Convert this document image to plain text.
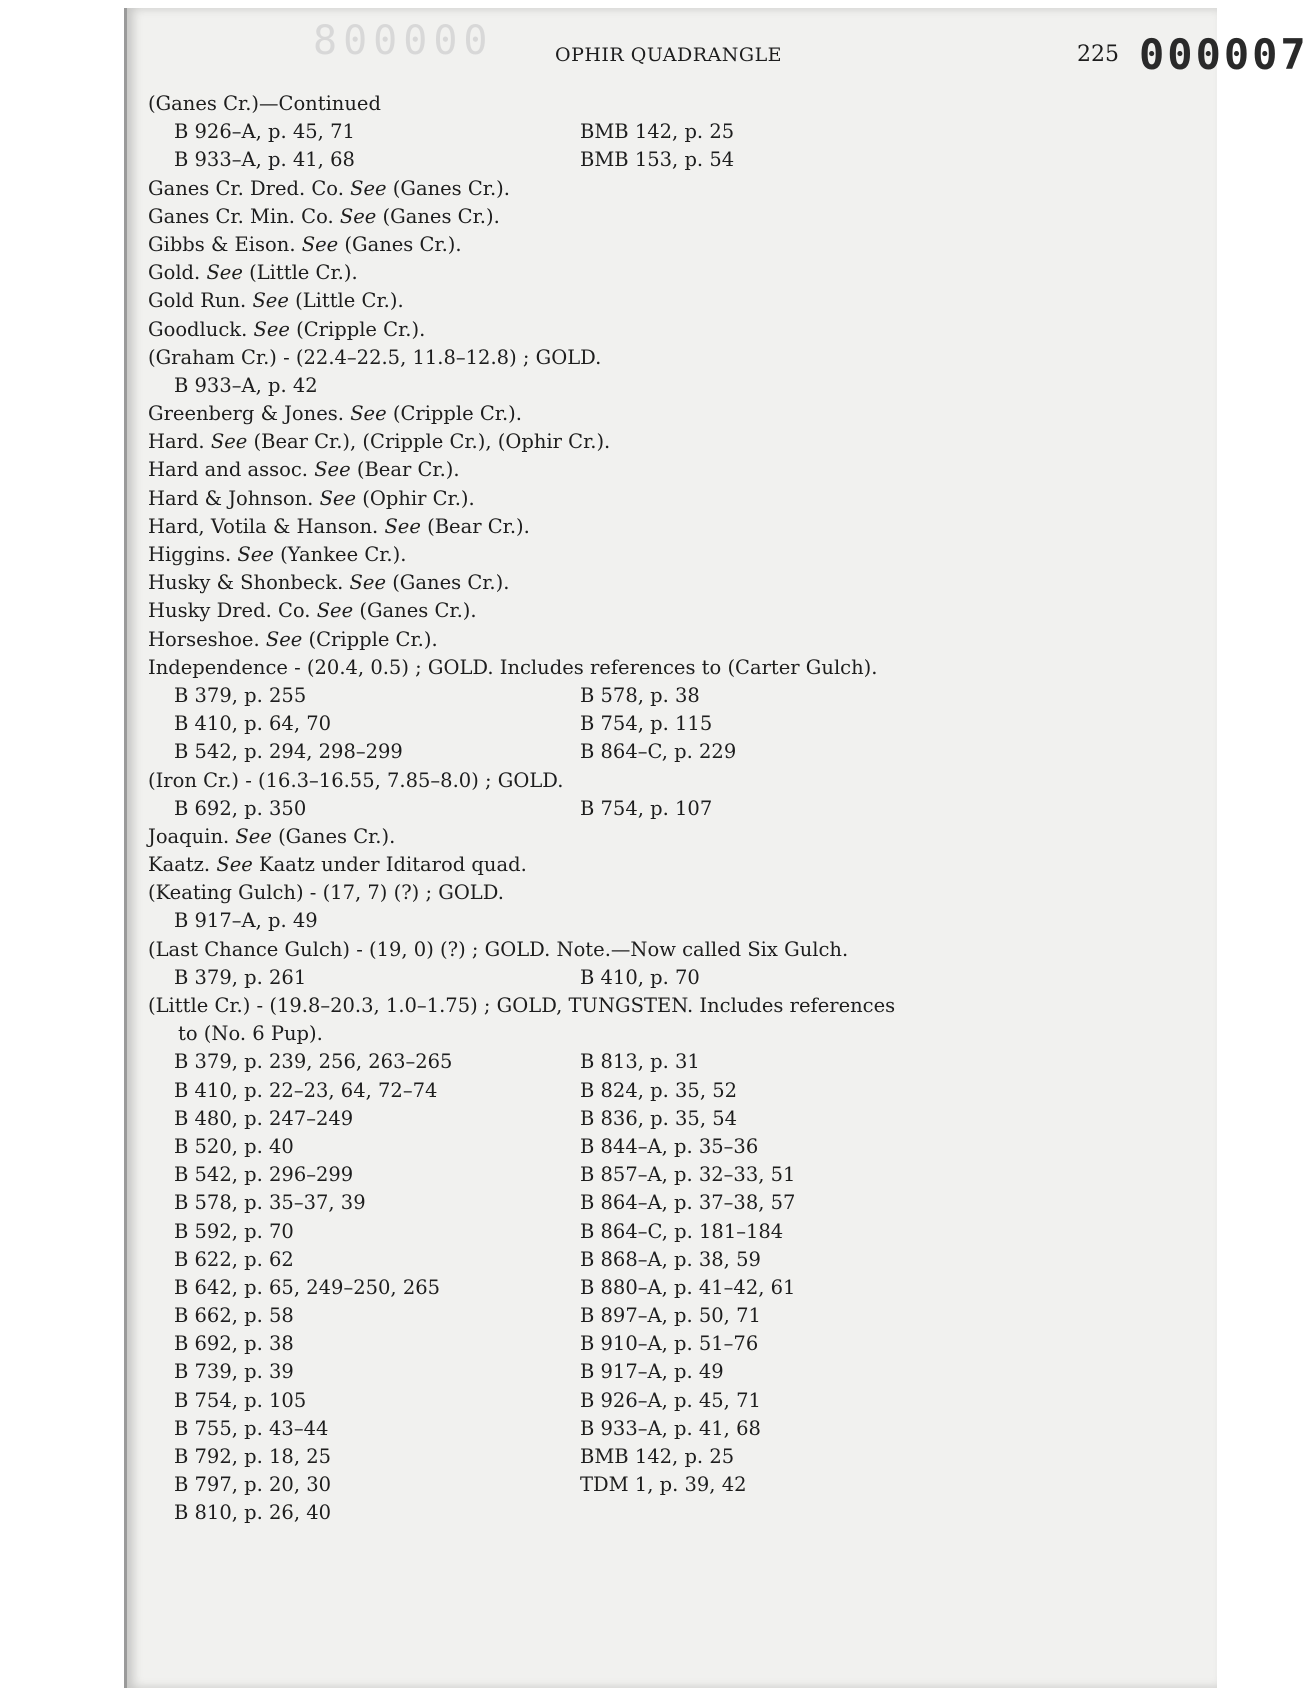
800000	OPHIR QUADRANGLE	225 000007
(Ganes Cr.)—Continued
B 926–A, p. 45, 71	BMB 142, p. 25
B 933–A, p. 41, 68	BMB 153, p. 54
Ganes Cr. Dred. Co. See (Ganes Cr.).
Ganes Cr. Min. Co. See (Ganes Cr.).
Gibbs & Eison. See (Ganes Cr.).
Gold. See (Little Cr.).
Gold Run. See (Little Cr.).
Goodluck. See (Cripple Cr.).
(Graham Cr.) - (22.4–22.5, 11.8–12.8) ; GOLD.
B 933–A, p. 42
Greenberg & Jones. See (Cripple Cr.).
Hard. See (Bear Cr.), (Cripple Cr.), (Ophir Cr.).
Hard and assoc. See (Bear Cr.).
Hard & Johnson. See (Ophir Cr.).
Hard, Votila & Hanson. See (Bear Cr.).
Higgins. See (Yankee Cr.).
Husky & Shonbeck. See (Ganes Cr.).
Husky Dred. Co. See (Ganes Cr.).
Horseshoe. See (Cripple Cr.).
Independence - (20.4, 0.5) ; GOLD. Includes references to (Carter Gulch).
B 379, p. 255	B 578, p. 38
B 410, p. 64, 70	B 754, p. 115
B 542, p. 294, 298–299	B 864–C, p. 229
(Iron Cr.) - (16.3–16.55, 7.85–8.0) ; GOLD.
B 692, p. 350	B 754, p. 107
Joaquin. See (Ganes Cr.).
Kaatz. See Kaatz under Iditarod quad.
(Keating Gulch) - (17, 7) (?) ; GOLD.
B 917–A, p. 49
(Last Chance Gulch) - (19, 0) (?) ; GOLD. Note.—Now called Six Gulch.
B 379, p. 261	B 410, p. 70
(Little Cr.) - (19.8–20.3, 1.0–1.75) ; GOLD, TUNGSTEN. Includes references
to (No. 6 Pup).
B 379, p. 239, 256, 263–265	B 813, p. 31
B 410, p. 22–23, 64, 72–74	B 824, p. 35, 52
B 480, p. 247–249	B 836, p. 35, 54
B 520, p. 40	B 844–A, p. 35–36
B 542, p. 296–299	B 857–A, p. 32–33, 51
B 578, p. 35–37, 39	B 864–A, p. 37–38, 57
B 592, p. 70	B 864–C, p. 181–184
B 622, p. 62	B 868–A, p. 38, 59
B 642, p. 65, 249–250, 265	B 880–A, p. 41–42, 61
B 662, p. 58	B 897–A, p. 50, 71
B 692, p. 38	B 910–A, p. 51–76
B 739, p. 39	B 917–A, p. 49
B 754, p. 105	B 926–A, p. 45, 71
B 755, p. 43–44	B 933–A, p. 41, 68
B 792, p. 18, 25	BMB 142, p. 25
B 797, p. 20, 30	TDM 1, p. 39, 42
B 810, p. 26, 40
